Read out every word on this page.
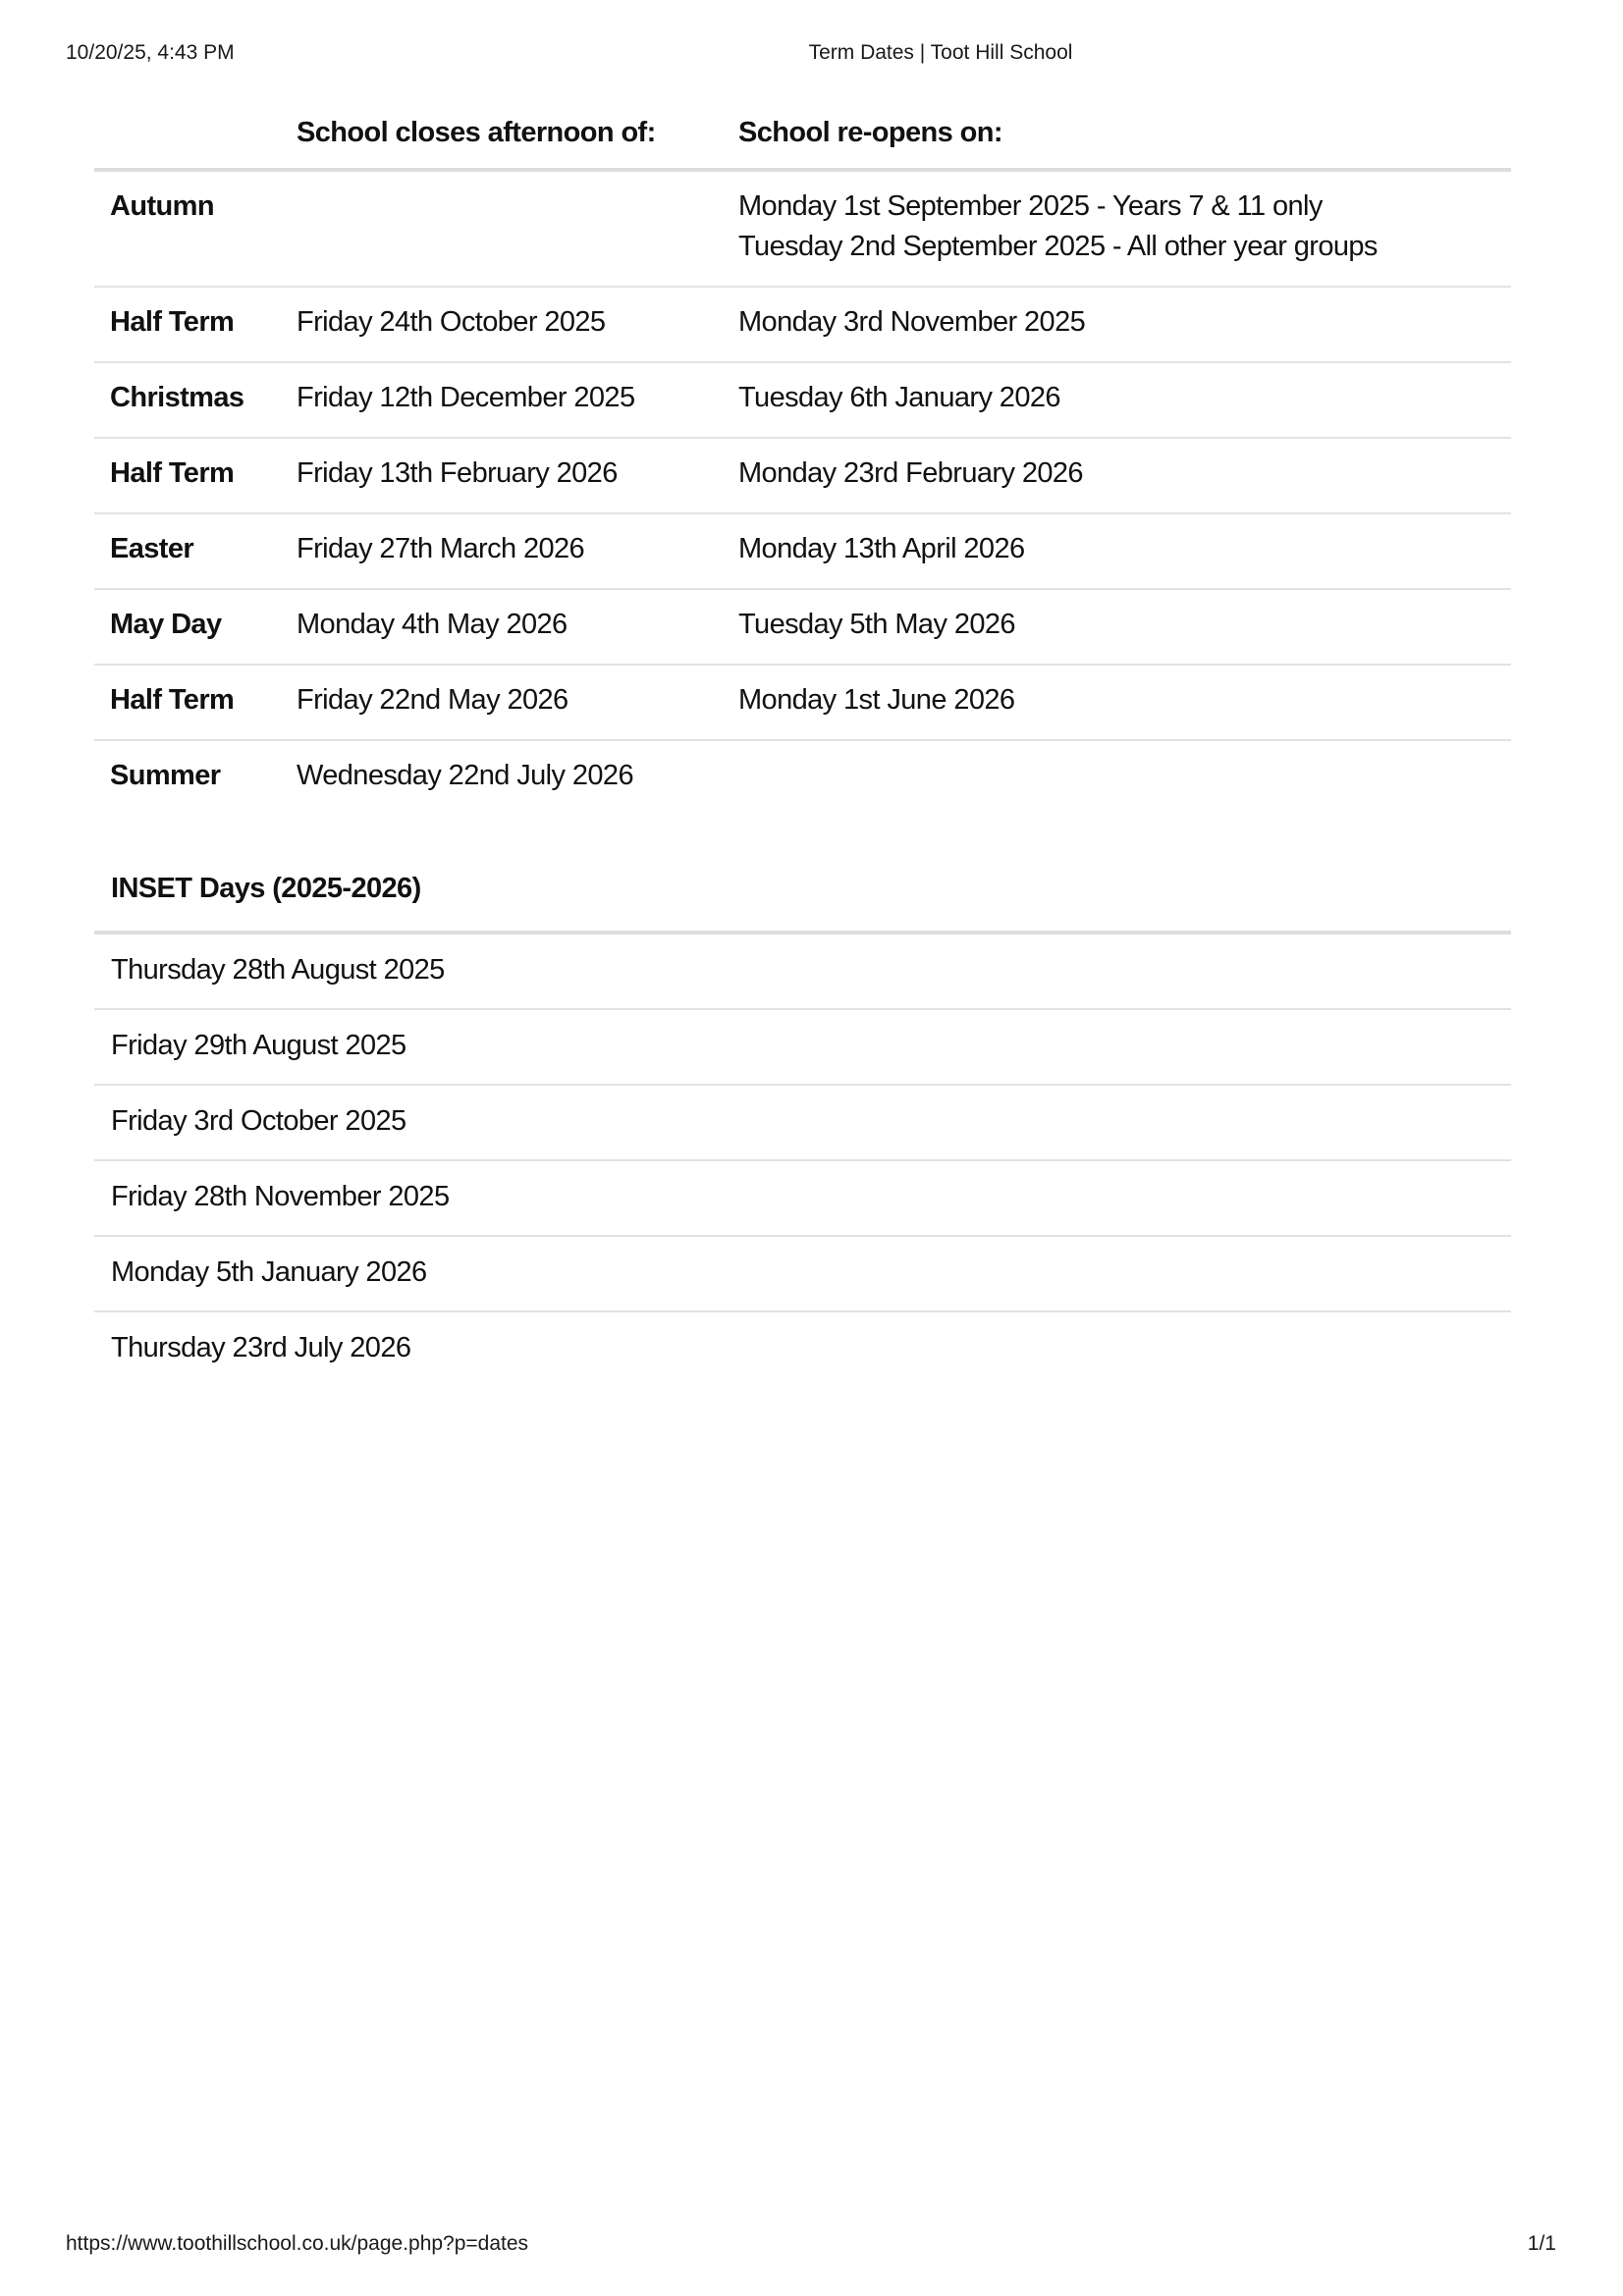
10/20/25, 4:43 PM	Term Dates | Toot Hill School
	School closes afternoon of:	School re-opens on:
Autumn		Monday 1st September 2025 - Years 7 & 11 only
Tuesday 2nd September 2025 - All other year groups

Half Term	Friday 24th October 2025	Monday 3rd November 2025
Christmas	Friday 12th December 2025	Tuesday 6th January 2026
Half Term	Friday 13th February 2026	Monday 23rd February 2026
Easter	Friday 27th March 2026	Monday 13th April 2026
May Day	Monday 4th May 2026	Tuesday 5th May 2026
Half Term	Friday 22nd May 2026	Monday 1st June 2026
Summer	Wednesday 22nd July 2026	
INSET Days (2025-2026)
Thursday 28th August 2025
Friday 29th August 2025
Friday 3rd October 2025
Friday 28th November 2025
Monday 5th January 2026
Thursday 23rd July 2026
https://www.toothillschool.co.uk/page.php?p=dates	1/1
